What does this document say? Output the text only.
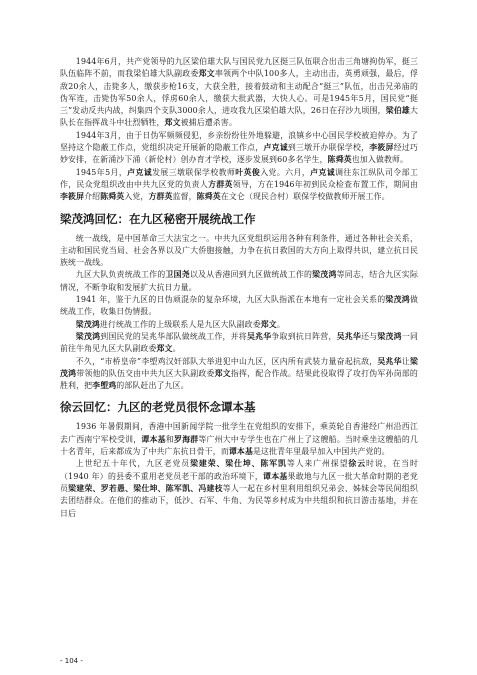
1944年6月，共产党领导的九区梁伯雄大队与国民党九区挺三队伍联合出击三角塘拘伪军，挺三队伍临阵不前，而我梁伯雄大队副政委郑文率领两个中队100多人，主动出击，英勇顽强，最后，俘敌20余人，击毙多人，缴获步枪16支，大获全胜，接着鼓动和主动配合“挺三”队伍，出击兄弟庙的伪军连，击毙伪军50余人，俘虏60余人，缴获大批武器，大快人心。可是1945年5月，国民党“挺三”发动反共内战，纠集四个支队3000余人，进攻我九区梁伯雄大队，26日在孖沙九顷围，梁伯雄大队长在指挥战斗中壮烈牺牲，郑文被捕后遭杀害。

1944年3月，由于日伪军频频侵犯，乡亲纷纷往外地躲避，浪镇乡中心国民学校被迫停办。为了坚持这个隐蔽工作点，党组织决定开展新的隐蔽工作点，卢克诚到三墩开办联保学校，李筱屏经过巧妙安排，在新涌沙下涌（新伦村）创办育才学校，逐步发展到60多名学生，陈舜英也加入做教师。

1945年5月，卢克诚发展三墩联保学校教师叶英俊入党。六月，卢克诚调往东江纵队司令部工作，民众党组织改由中共九区党的负责人方群英领导，方在1946年初到民众检查布置工作，期间由李筱屏介绍陈舜英入党，方群英监督，陈舜英在文仑（现民合村）联保学校做教师开展工作。

梁茂鸿回忆：在九区秘密开展统战工作

统一战线，是中国革命三大法宝之一。中共九区党组织运用各种有利条件，通过各种社会关系，主动和国民党当局、社会各界以及广大侨胞接触，力争在抗日救国的大方向上取得共识，建立抗日民族统一战线。

九区大队负责统战工作的卫国尧以及从香港回到九区做统战工作的梁茂鸿等同志，结合九区实际情况，不断争取和发展扩大抗日力量。

1941 年，鉴于九区的日伪顽混杂的复杂环境，九区大队指派在本地有一定社会关系的梁茂鸿做统战工作，收集日伪情报。

梁茂鸿进行统战工作的上级联系人是九区大队副政委郑文。

梁茂鸿到国民党的吴兆华部队做统战工作，并将吴兆华争取到抗日阵营，吴兆华还与梁茂鸿一同前往牛角见九区大队副政委郑文。

不久，“市桥皇帝”李塱鸡汉奸部队大举进犯中山九区，区内所有武装力量奋起抗敌，吴兆华让梁茂鸿带领他的队伍交由中共九区大队副政委郑文指挥，配合作战。结果此役取得了攻打伪军孙岗部的胜利，把李塱鸡的部队赶出了九区。

徐云回忆：九区的老党员很怀念谭本基

1936 年暑假期间，香港中国新闻学院一批学生在党组织的安排下，乘英轮自香港经广州沿西江去广西南宁军校受训，谭本基和罗海群等广州大中专学生也在广州上了这艘船。当时乘坐这艘船的几十名青年，后来都成为了中共广东抗日骨干，而谭本基是这批青年里最早加入中国共产党的。

上世纪五十年代，九区老党员梁建荣、梁仕坤、陈军凯等人来广州探望徐云时说，在当时（1940 年）的县委不重用老党员老干部的政治环境下，谭本基果敢地与九区一批大革命时期的老党员梁建荣、罗若愚、梁仕坤、陈军凯、冯建枝等人一起在乡村里利用组织兄弟会、姊妹会等民间组织去团结群众。在他们的推动下，低沙、石军、牛角、为民等乡村成为中共组织和抗日游击基地，并在日后

- 104 -
